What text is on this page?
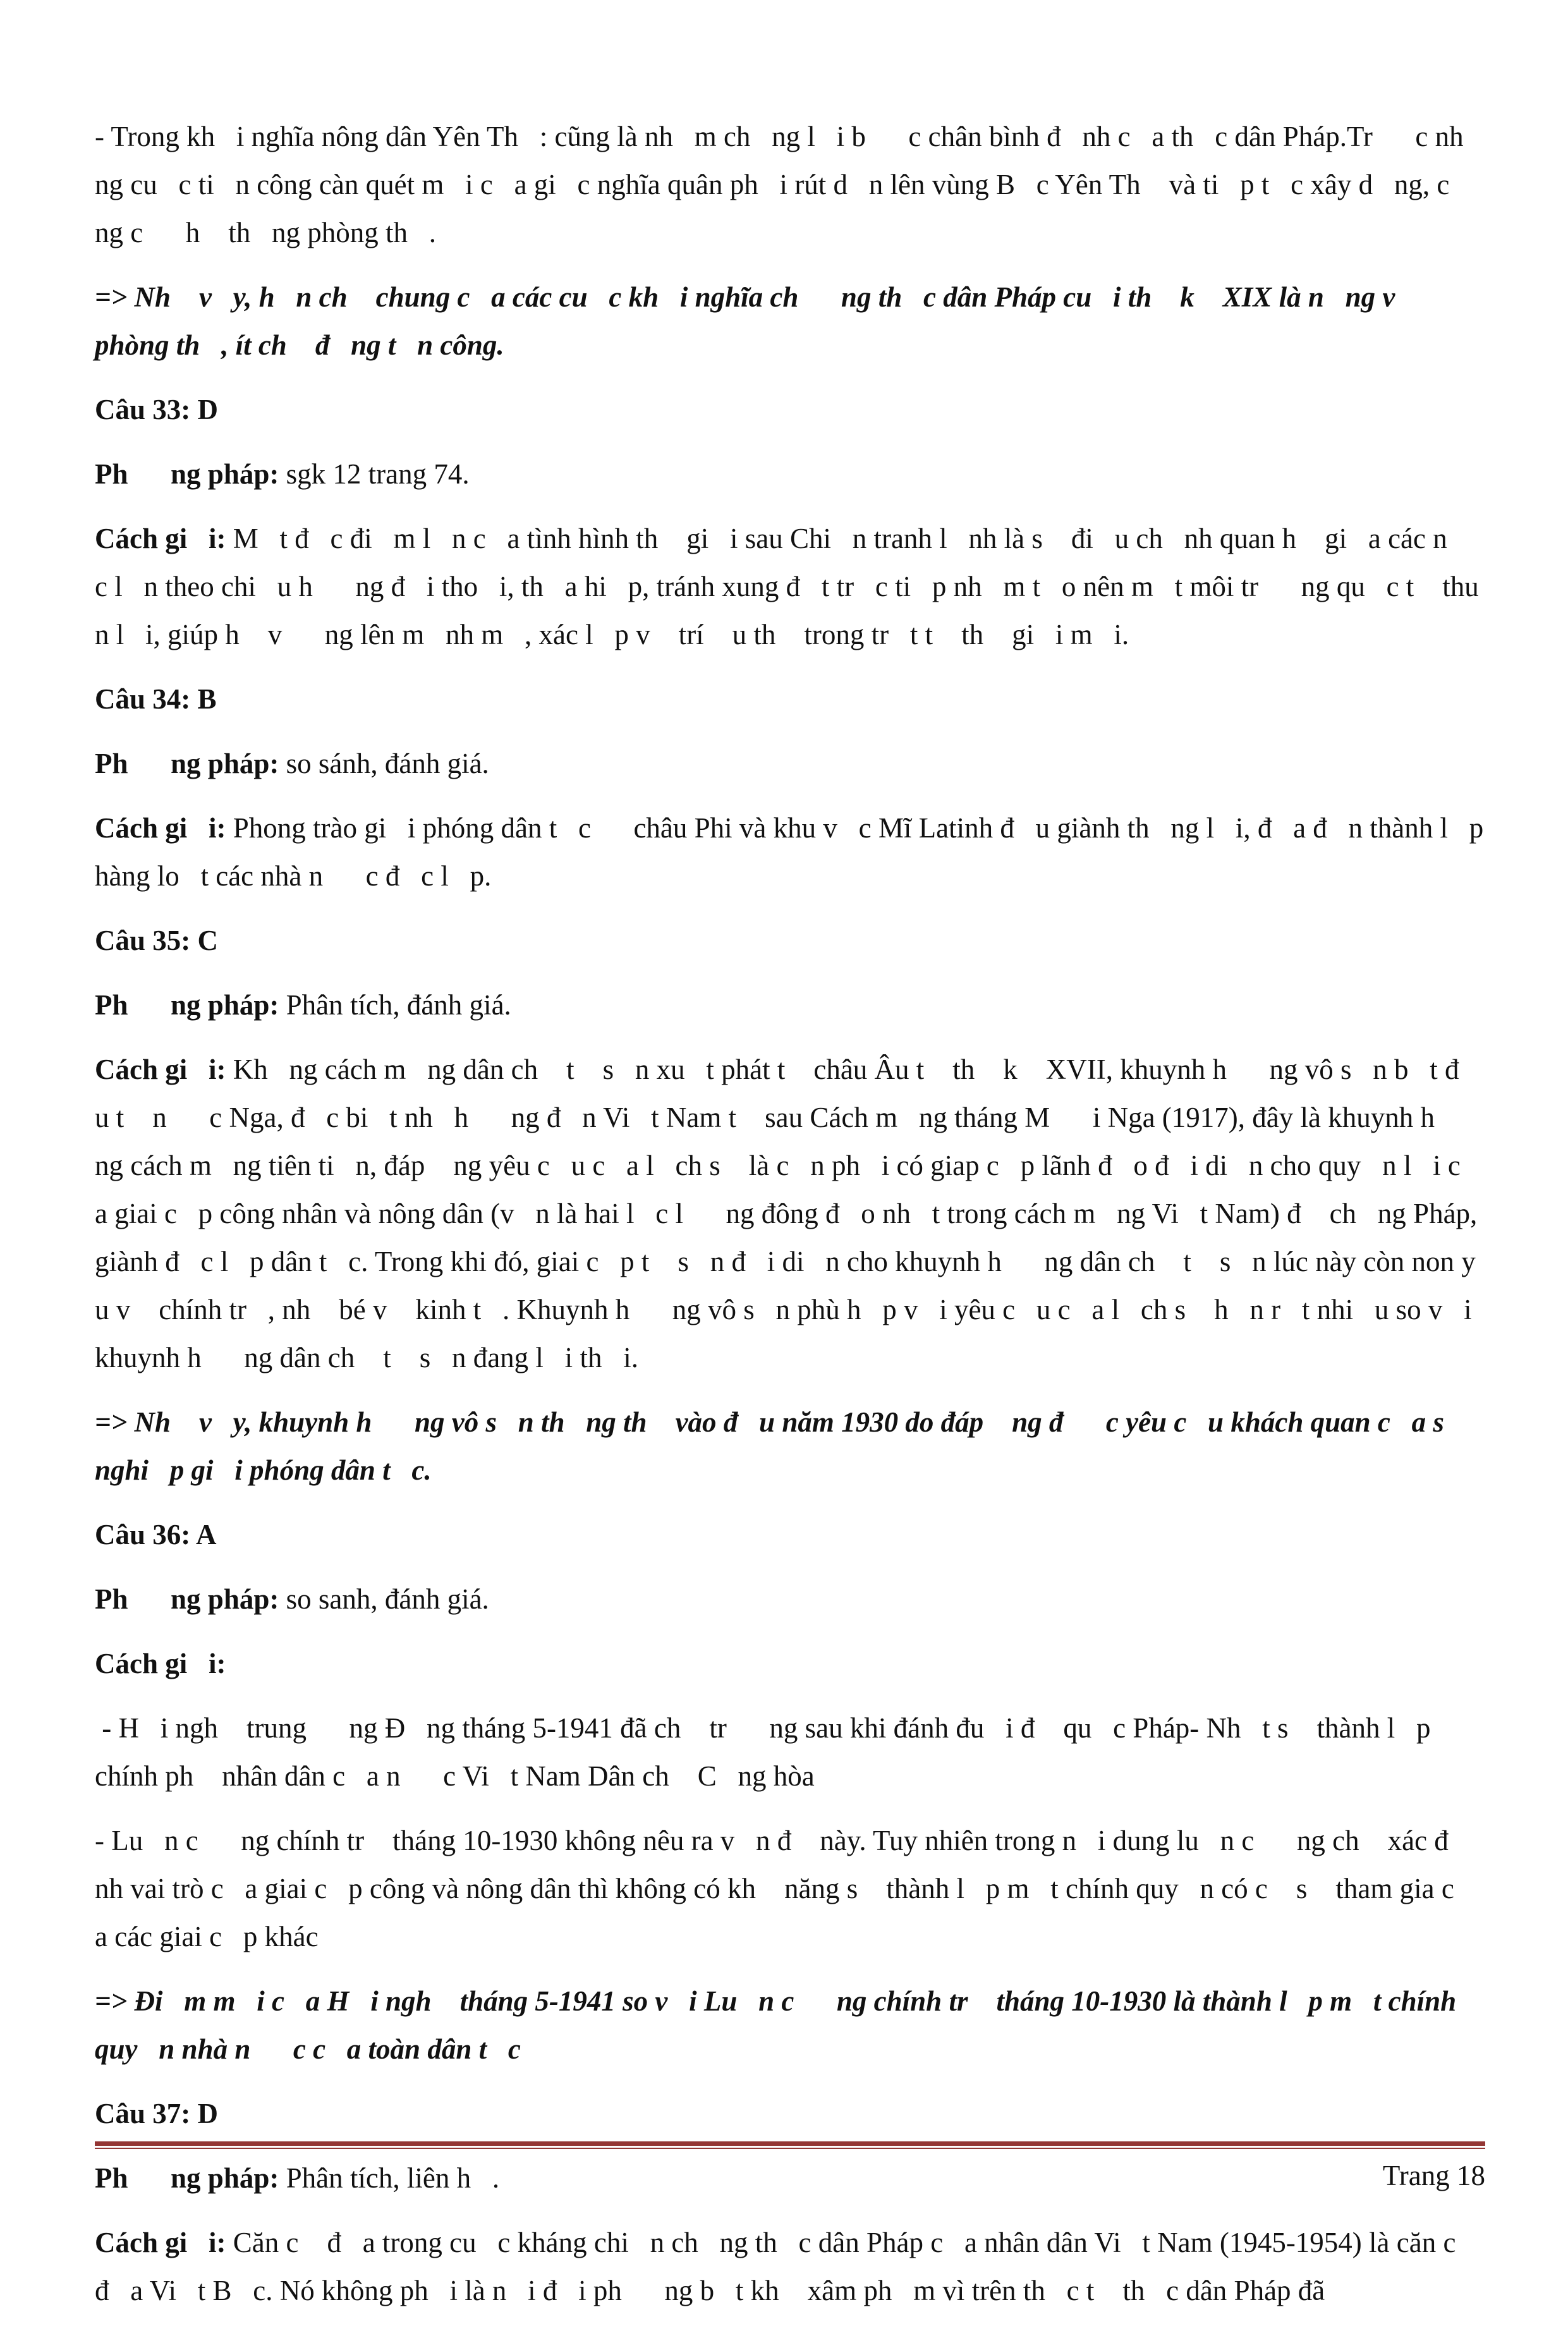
- Trong kh   i nghĩa nông dân Yên Th   : cũng là nh   m ch   ng l   i b      c chân bình đ   nh c   a th   c dân Pháp.Tr      c nh   ng cu   c ti   n công càn quét m   i c   a gi   c nghĩa quân ph   i rút d   n lên vùng B   c Yên Th    và ti   p t   c xây d   ng, c   ng c      h    th   ng phòng th   .

=> Nh    v   y, h   n ch    chung c   a các cu   c kh   i nghĩa ch      ng th   c dân Pháp cu   i th    k    XIX là n   ng v    phòng th   , ít ch    đ   ng t   n công.

Câu 33: D

Ph      ng pháp: sgk 12 trang 74.

Cách gi   i: M   t đ   c đi   m l   n c   a tình hình th    gi   i sau Chi   n tranh l   nh là s    đi   u ch   nh quan h    gi   a các n      c l   n theo chi   u h      ng đ   i tho   i, th   a hi   p, tránh xung đ   t tr   c ti   p nh   m t   o nên m   t môi tr      ng qu   c t    thu   n l   i, giúp h    v      ng lên m   nh m   , xác l   p v    trí    u th    trong tr   t t    th    gi   i m   i.

Câu 34: B

Ph      ng pháp: so sánh, đánh giá.

Cách gi   i: Phong trào gi   i phóng dân t   c      châu Phi và khu v   c Mĩ Latinh đ   u giành th   ng l   i, đ   a đ   n thành l   p hàng lo   t các nhà n      c đ   c l   p.

Câu 35: C

Ph      ng pháp: Phân tích, đánh giá.

Cách gi   i: Kh   ng cách m   ng dân ch    t    s   n xu   t phát t    châu Âu t    th    k    XVII, khuynh h      ng vô s   n b   t đ   u t    n      c Nga, đ   c bi   t nh   h      ng đ   n Vi   t Nam t    sau Cách m   ng tháng M      i Nga (1917), đây là khuynh h      ng cách m   ng tiên ti   n, đáp    ng yêu c   u c   a l   ch s    là c   n ph   i có giap c   p lãnh đ   o đ   i di   n cho quy   n l   i c   a giai c   p công nhân và nông dân (v   n là hai l   c l      ng đông đ   o nh   t trong cách m   ng Vi   t Nam) đ    ch   ng Pháp, giành đ   c l   p dân t   c. Trong khi đó, giai c   p t    s   n đ   i di   n cho khuynh h      ng dân ch    t    s   n lúc này còn non y   u v    chính tr   , nh    bé v    kinh t   . Khuynh h      ng vô s   n phù h   p v   i yêu c   u c   a l   ch s    h   n r   t nhi   u so v   i khuynh h      ng dân ch    t    s   n đang l   i th   i.

=> Nh    v   y, khuynh h      ng vô s   n th   ng th    vào đ   u năm 1930 do đáp    ng đ      c yêu c   u khách quan c   a s    nghi   p gi   i phóng dân t   c.

Câu 36: A

Ph      ng pháp: so sanh, đánh giá.

Cách gi   i:

- H   i ngh    trung      ng Đ   ng tháng 5-1941 đã ch    tr      ng sau khi đánh đu   i đ    qu   c Pháp- Nh   t s    thành l   p chính ph    nhân dân c   a n      c Vi   t Nam Dân ch    C   ng hòa

- Lu   n c      ng chính tr    tháng 10-1930 không nêu ra v   n đ    này. Tuy nhiên trong n   i dung lu   n c      ng ch    xác đ   nh vai trò c   a giai c   p công và nông dân thì không có kh    năng s    thành l   p m   t chính quy   n có c    s    tham gia c   a các giai c   p khác

=> Đi   m m   i c   a H   i ngh    tháng 5-1941 so v   i Lu   n c      ng chính tr    tháng 10-1930 là thành l   p m   t chính quy   n nhà n      c c   a toàn dân t   c

Câu 37: D

Ph      ng pháp: Phân tích, liên h   .

Cách gi   i: Căn c    đ   a trong cu   c kháng chi   n ch   ng th   c dân Pháp c   a nhân dân Vi   t Nam (1945-1954) là căn c    đ   a Vi   t B   c. Nó không ph   i là n   i đ   i ph      ng b   t kh    xâm ph   m vì trên th   c t    th   c dân Pháp đã

Trang 18
